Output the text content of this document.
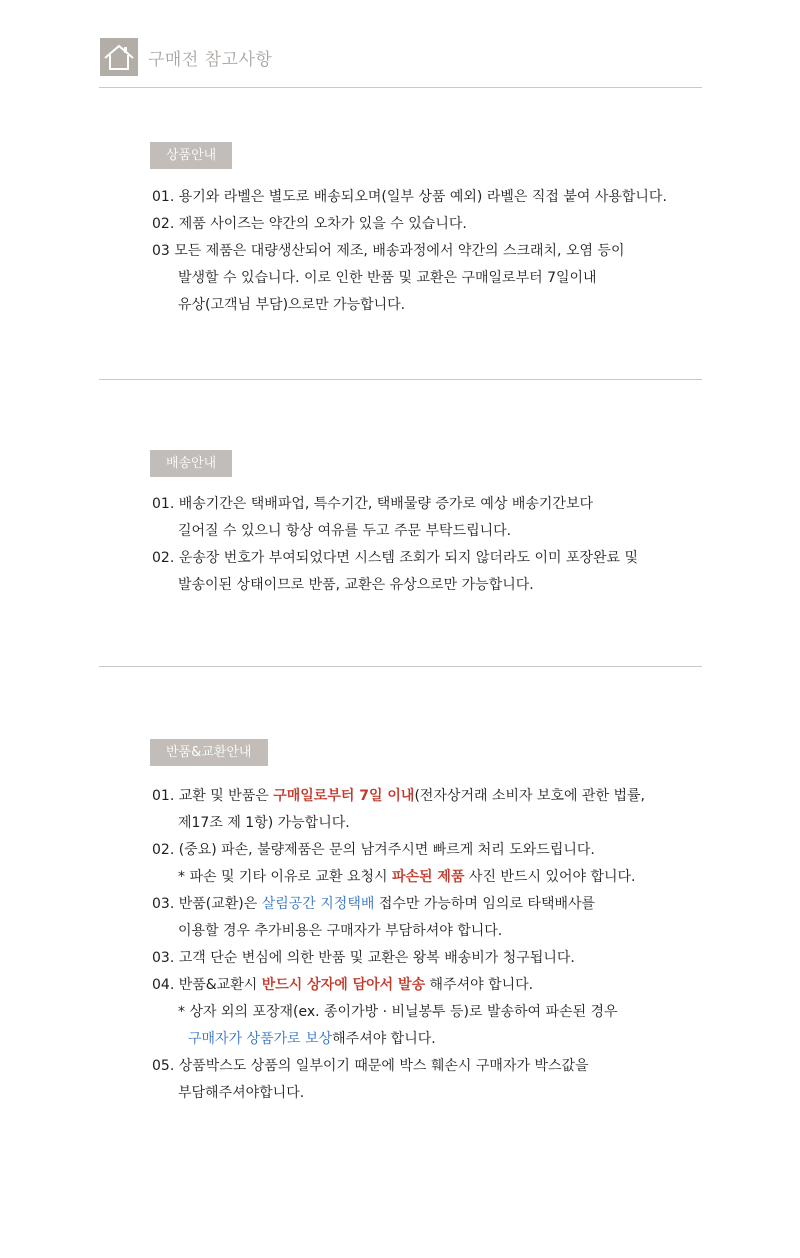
구매전 참고사항
상품안내
01. 용기와 라벨은 별도로 배송되오며(일부 상품 예외) 라벨은 직접 붙여 사용합니다.
02. 제품 사이즈는 약간의 오차가 있을 수 있습니다.
03 모든 제품은 대량생산되어 제조, 배송과정에서 약간의 스크래치, 오염 등이
발생할 수 있습니다. 이로 인한 반품 및 교환은 구매일로부터 7일이내
유상(고객님 부담)으로만 가능합니다.
배송안내
01. 배송기간은 택배파업, 특수기간, 택배물량 증가로 예상 배송기간보다
길어질 수 있으니 항상 여유를 두고 주문 부탁드립니다.
02. 운송장 번호가 부여되었다면 시스템 조회가 되지 않더라도 이미 포장완료 및
발송이된 상태이므로 반품, 교환은 유상으로만 가능합니다.
반품&교환안내
01. 교환 및 반품은 구매일로부터 7일 이내(전자상거래 소비자 보호에 관한 법률,
제17조 제 1항) 가능합니다.
02. (중요) 파손, 불량제품은 문의 남겨주시면 빠르게 처리 도와드립니다.
* 파손 및 기타 이유로 교환 요청시 파손된 제품 사진 반드시 있어야 합니다.
03. 반품(교환)은 살림공간 지정택배 접수만 가능하며 임의로 타택배사를
이용할 경우 추가비용은 구매자가 부담하셔야 합니다.
03. 고객 단순 변심에 의한 반품 및 교환은 왕복 배송비가 청구됩니다.
04. 반품&교환시 반드시 상자에 담아서 발송 해주셔야 합니다.
* 상자 외의 포장재(ex. 종이가방 · 비닐봉투 등)로 발송하여 파손된 경우
구매자가 상품가로 보상해주셔야 합니다.
05. 상품박스도 상품의 일부이기 때문에 박스 훼손시 구매자가 박스값을
부담해주셔야합니다.
